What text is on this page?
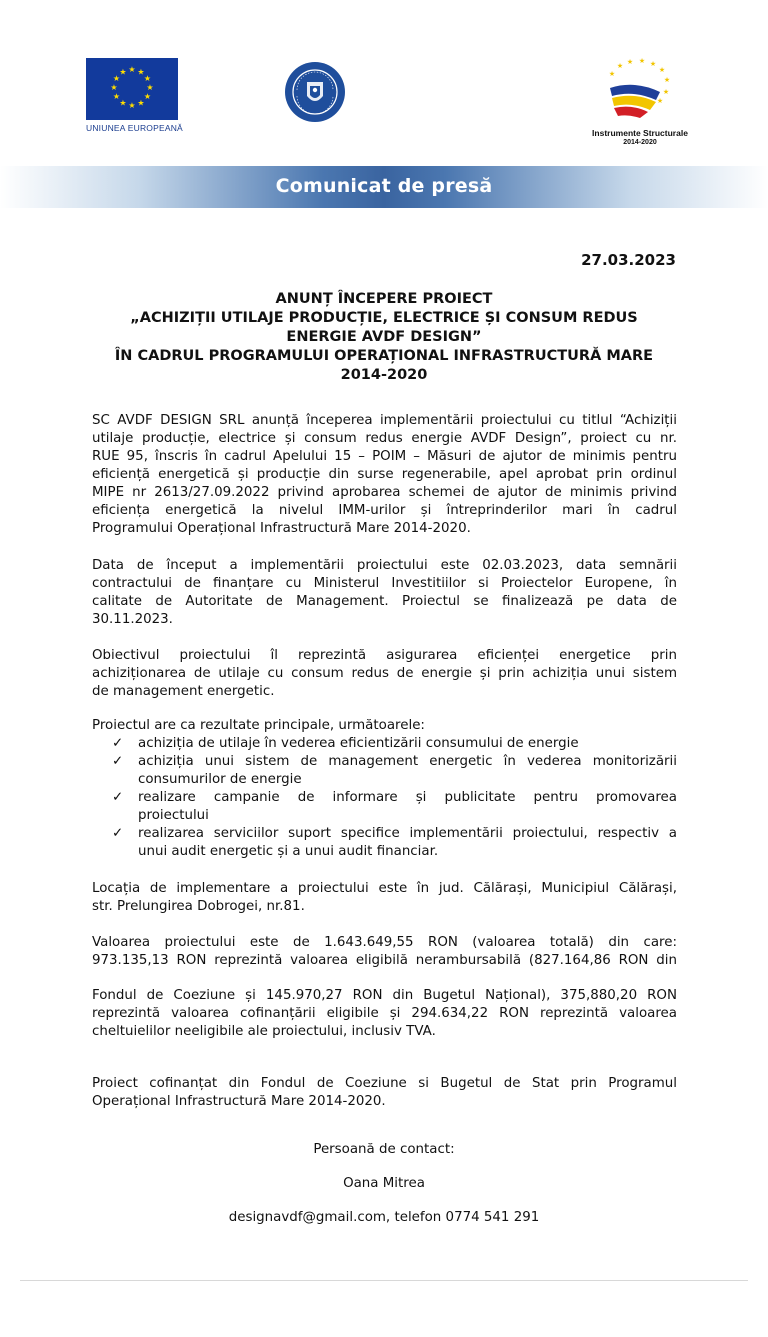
★ ★
★
★
★
★
★
★
★
★
★
★
UNIUNEA EUROPEANĂ
★ ★ ★ ★
★
★
★
★
★
Instrumente Structurale
2014-2020
Comunicat de presă
27.03.2023
ANUNȚ ÎNCEPERE PROIECT
„ACHIZIȚII UTILAJE PRODUCȚIE, ELECTRICE ȘI CONSUM REDUS
ENERGIE AVDF DESIGN”
ÎN CADRUL PROGRAMULUI OPERAȚIONAL INFRASTRUCTURĂ MARE
2014-2020
SC AVDF DESIGN SRL anunță începerea implementării proiectului cu titlul “Achiziții
utilaje producție, electrice și consum redus energie AVDF Design”, proiect cu nr.
RUE 95, înscris în cadrul Apelului 15 – POIM – Măsuri de ajutor de minimis pentru
eficiență energetică și producție din surse regenerabile, apel aprobat prin ordinul
MIPE nr 2613/27.09.2022 privind aprobarea schemei de ajutor de minimis privind
eficiența energetică la nivelul IMM-urilor și întreprinderilor mari în cadrul
Programului Operațional Infrastructură Mare 2014-2020.
Data de început a implementării proiectului este 02.03.2023, data semnării
contractului de finanțare cu Ministerul Investitiilor si Proiectelor Europene, în
calitate de Autoritate de Management. Proiectul se finalizează pe data de
30.11.2023.
Obiectivul proiectului îl reprezintă asigurarea eficienței energetice prin
achiziționarea de utilaje cu consum redus de energie și prin achiziția unui sistem
de management energetic.
Proiectul are ca rezultate principale, următoarele:
✓ achiziția de utilaje în vederea eficientizării consumului de energie
✓ achiziția unui sistem de management energetic în vederea monitorizării
consumurilor de energie
✓ realizare campanie de informare și publicitate pentru promovarea
proiectului
✓ realizarea serviciilor suport specifice implementării proiectului, respectiv a
unui audit energetic și a unui audit financiar.
Locația de implementare a proiectului este în jud. Călărași, Municipiul Călărași,
str. Prelungirea Dobrogei, nr.81.
Valoarea proiectului este de 1.643.649,55 RON (valoarea totală) din care:
973.135,13 RON reprezintă valoarea eligibilă nerambursabilă (827.164,86 RON din
Fondul de Coeziune și 145.970,27 RON din Bugetul Național), 375,880,20 RON
reprezintă valoarea cofinanțării eligibile și 294.634,22 RON reprezintă valoarea
cheltuielilor neeligibile ale proiectului, inclusiv TVA.
Proiect cofinanțat din Fondul de Coeziune si Bugetul de Stat prin Programul
Operațional Infrastructură Mare 2014-2020.
Persoană de contact:
Oana Mitrea
designavdf@gmail.com, telefon 0774 541 291
